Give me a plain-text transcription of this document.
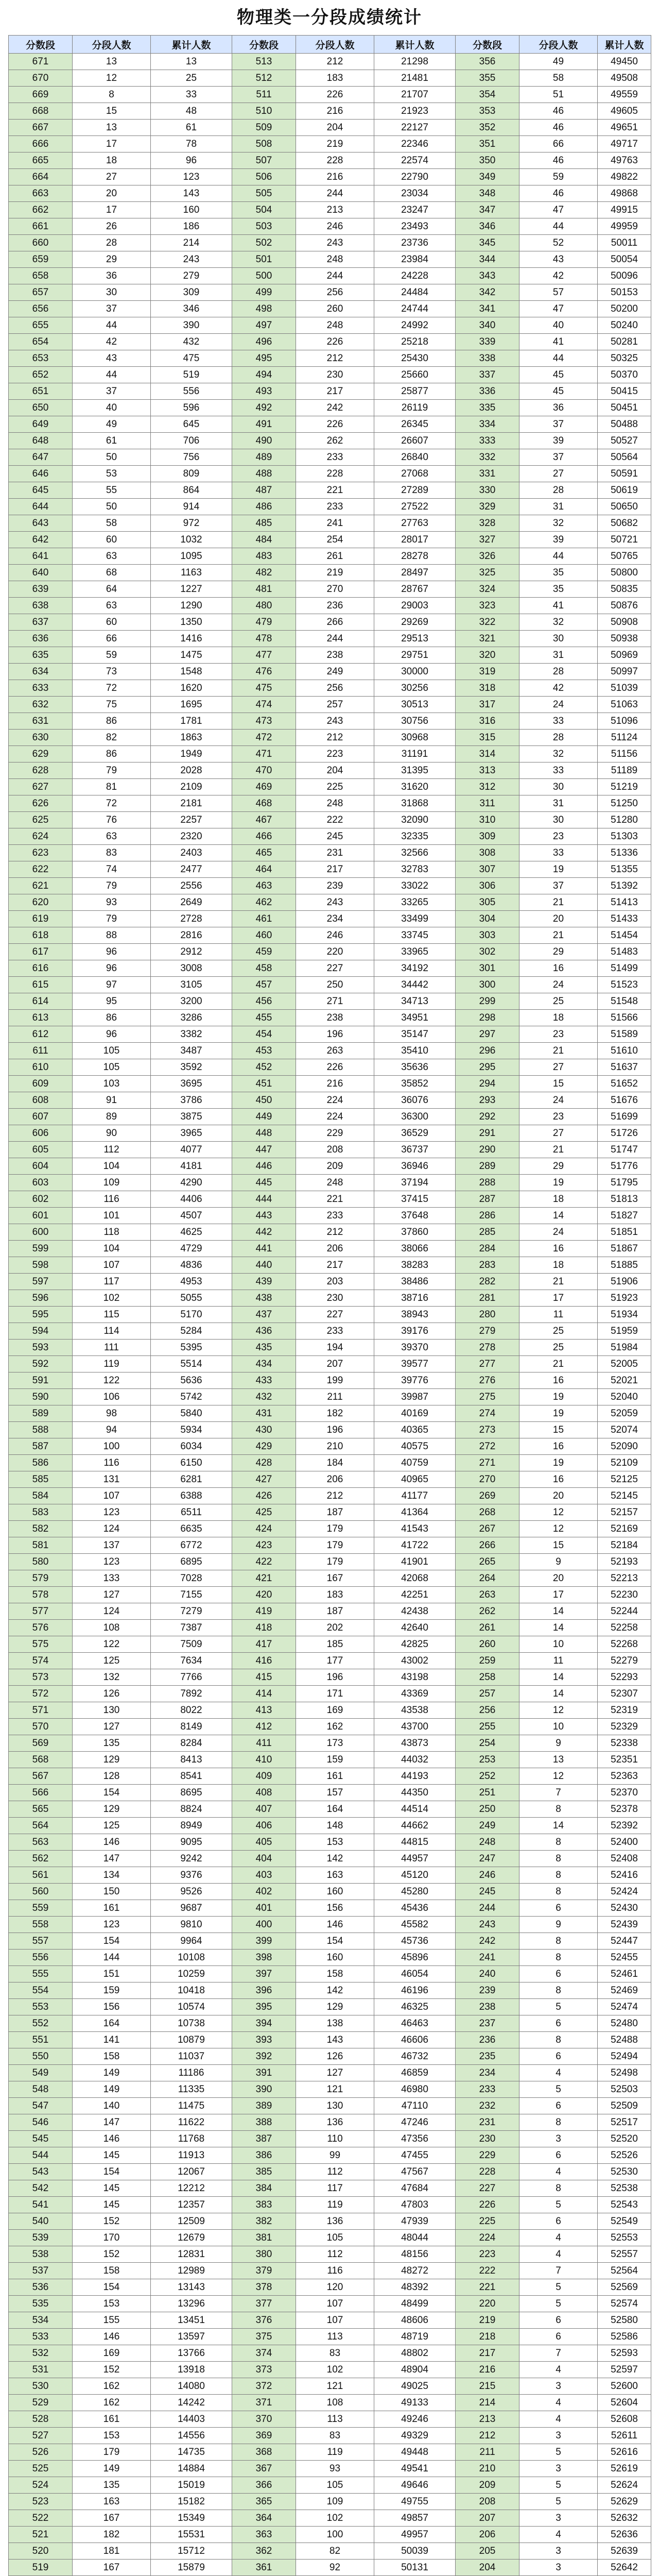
物理类一分段成绩统计
分数段	分段人数	累计人数	分数段	分段人数	累计人数	分数段	分段人数	累计人数
671	13	13	513	212	21298	356	49	49450
670	12	25	512	183	21481	355	58	49508
669	8	33	511	226	21707	354	51	49559
668	15	48	510	216	21923	353	46	49605
667	13	61	509	204	22127	352	46	49651
666	17	78	508	219	22346	351	66	49717
665	18	96	507	228	22574	350	46	49763
664	27	123	506	216	22790	349	59	49822
663	20	143	505	244	23034	348	46	49868
662	17	160	504	213	23247	347	47	49915
661	26	186	503	246	23493	346	44	49959
660	28	214	502	243	23736	345	52	50011
659	29	243	501	248	23984	344	43	50054
658	36	279	500	244	24228	343	42	50096
657	30	309	499	256	24484	342	57	50153
656	37	346	498	260	24744	341	47	50200
655	44	390	497	248	24992	340	40	50240
654	42	432	496	226	25218	339	41	50281
653	43	475	495	212	25430	338	44	50325
652	44	519	494	230	25660	337	45	50370
651	37	556	493	217	25877	336	45	50415
650	40	596	492	242	26119	335	36	50451
649	49	645	491	226	26345	334	37	50488
648	61	706	490	262	26607	333	39	50527
647	50	756	489	233	26840	332	37	50564
646	53	809	488	228	27068	331	27	50591
645	55	864	487	221	27289	330	28	50619
644	50	914	486	233	27522	329	31	50650
643	58	972	485	241	27763	328	32	50682
642	60	1032	484	254	28017	327	39	50721
641	63	1095	483	261	28278	326	44	50765
640	68	1163	482	219	28497	325	35	50800
639	64	1227	481	270	28767	324	35	50835
638	63	1290	480	236	29003	323	41	50876
637	60	1350	479	266	29269	322	32	50908
636	66	1416	478	244	29513	321	30	50938
635	59	1475	477	238	29751	320	31	50969
634	73	1548	476	249	30000	319	28	50997
633	72	1620	475	256	30256	318	42	51039
632	75	1695	474	257	30513	317	24	51063
631	86	1781	473	243	30756	316	33	51096
630	82	1863	472	212	30968	315	28	51124
629	86	1949	471	223	31191	314	32	51156
628	79	2028	470	204	31395	313	33	51189
627	81	2109	469	225	31620	312	30	51219
626	72	2181	468	248	31868	311	31	51250
625	76	2257	467	222	32090	310	30	51280
624	63	2320	466	245	32335	309	23	51303
623	83	2403	465	231	32566	308	33	51336
622	74	2477	464	217	32783	307	19	51355
621	79	2556	463	239	33022	306	37	51392
620	93	2649	462	243	33265	305	21	51413
619	79	2728	461	234	33499	304	20	51433
618	88	2816	460	246	33745	303	21	51454
617	96	2912	459	220	33965	302	29	51483
616	96	3008	458	227	34192	301	16	51499
615	97	3105	457	250	34442	300	24	51523
614	95	3200	456	271	34713	299	25	51548
613	86	3286	455	238	34951	298	18	51566
612	96	3382	454	196	35147	297	23	51589
611	105	3487	453	263	35410	296	21	51610
610	105	3592	452	226	35636	295	27	51637
609	103	3695	451	216	35852	294	15	51652
608	91	3786	450	224	36076	293	24	51676
607	89	3875	449	224	36300	292	23	51699
606	90	3965	448	229	36529	291	27	51726
605	112	4077	447	208	36737	290	21	51747
604	104	4181	446	209	36946	289	29	51776
603	109	4290	445	248	37194	288	19	51795
602	116	4406	444	221	37415	287	18	51813
601	101	4507	443	233	37648	286	14	51827
600	118	4625	442	212	37860	285	24	51851
599	104	4729	441	206	38066	284	16	51867
598	107	4836	440	217	38283	283	18	51885
597	117	4953	439	203	38486	282	21	51906
596	102	5055	438	230	38716	281	17	51923
595	115	5170	437	227	38943	280	11	51934
594	114	5284	436	233	39176	279	25	51959
593	111	5395	435	194	39370	278	25	51984
592	119	5514	434	207	39577	277	21	52005
591	122	5636	433	199	39776	276	16	52021
590	106	5742	432	211	39987	275	19	52040
589	98	5840	431	182	40169	274	19	52059
588	94	5934	430	196	40365	273	15	52074
587	100	6034	429	210	40575	272	16	52090
586	116	6150	428	184	40759	271	19	52109
585	131	6281	427	206	40965	270	16	52125
584	107	6388	426	212	41177	269	20	52145
583	123	6511	425	187	41364	268	12	52157
582	124	6635	424	179	41543	267	12	52169
581	137	6772	423	179	41722	266	15	52184
580	123	6895	422	179	41901	265	9	52193
579	133	7028	421	167	42068	264	20	52213
578	127	7155	420	183	42251	263	17	52230
577	124	7279	419	187	42438	262	14	52244
576	108	7387	418	202	42640	261	14	52258
575	122	7509	417	185	42825	260	10	52268
574	125	7634	416	177	43002	259	11	52279
573	132	7766	415	196	43198	258	14	52293
572	126	7892	414	171	43369	257	14	52307
571	130	8022	413	169	43538	256	12	52319
570	127	8149	412	162	43700	255	10	52329
569	135	8284	411	173	43873	254	9	52338
568	129	8413	410	159	44032	253	13	52351
567	128	8541	409	161	44193	252	12	52363
566	154	8695	408	157	44350	251	7	52370
565	129	8824	407	164	44514	250	8	52378
564	125	8949	406	148	44662	249	14	52392
563	146	9095	405	153	44815	248	8	52400
562	147	9242	404	142	44957	247	8	52408
561	134	9376	403	163	45120	246	8	52416
560	150	9526	402	160	45280	245	8	52424
559	161	9687	401	156	45436	244	6	52430
558	123	9810	400	146	45582	243	9	52439
557	154	9964	399	154	45736	242	8	52447
556	144	10108	398	160	45896	241	8	52455
555	151	10259	397	158	46054	240	6	52461
554	159	10418	396	142	46196	239	8	52469
553	156	10574	395	129	46325	238	5	52474
552	164	10738	394	138	46463	237	6	52480
551	141	10879	393	143	46606	236	8	52488
550	158	11037	392	126	46732	235	6	52494
549	149	11186	391	127	46859	234	4	52498
548	149	11335	390	121	46980	233	5	52503
547	140	11475	389	130	47110	232	6	52509
546	147	11622	388	136	47246	231	8	52517
545	146	11768	387	110	47356	230	3	52520
544	145	11913	386	99	47455	229	6	52526
543	154	12067	385	112	47567	228	4	52530
542	145	12212	384	117	47684	227	8	52538
541	145	12357	383	119	47803	226	5	52543
540	152	12509	382	136	47939	225	6	52549
539	170	12679	381	105	48044	224	4	52553
538	152	12831	380	112	48156	223	4	52557
537	158	12989	379	116	48272	222	7	52564
536	154	13143	378	120	48392	221	5	52569
535	153	13296	377	107	48499	220	5	52574
534	155	13451	376	107	48606	219	6	52580
533	146	13597	375	113	48719	218	6	52586
532	169	13766	374	83	48802	217	7	52593
531	152	13918	373	102	48904	216	4	52597
530	162	14080	372	121	49025	215	3	52600
529	162	14242	371	108	49133	214	4	52604
528	161	14403	370	113	49246	213	4	52608
527	153	14556	369	83	49329	212	3	52611
526	179	14735	368	119	49448	211	5	52616
525	149	14884	367	93	49541	210	3	52619
524	135	15019	366	105	49646	209	5	52624
523	163	15182	365	109	49755	208	5	52629
522	167	15349	364	102	49857	207	3	52632
521	182	15531	363	100	49957	206	4	52636
520	181	15712	362	82	50039	205	3	52639
519	167	15879	361	92	50131	204	3	52642
